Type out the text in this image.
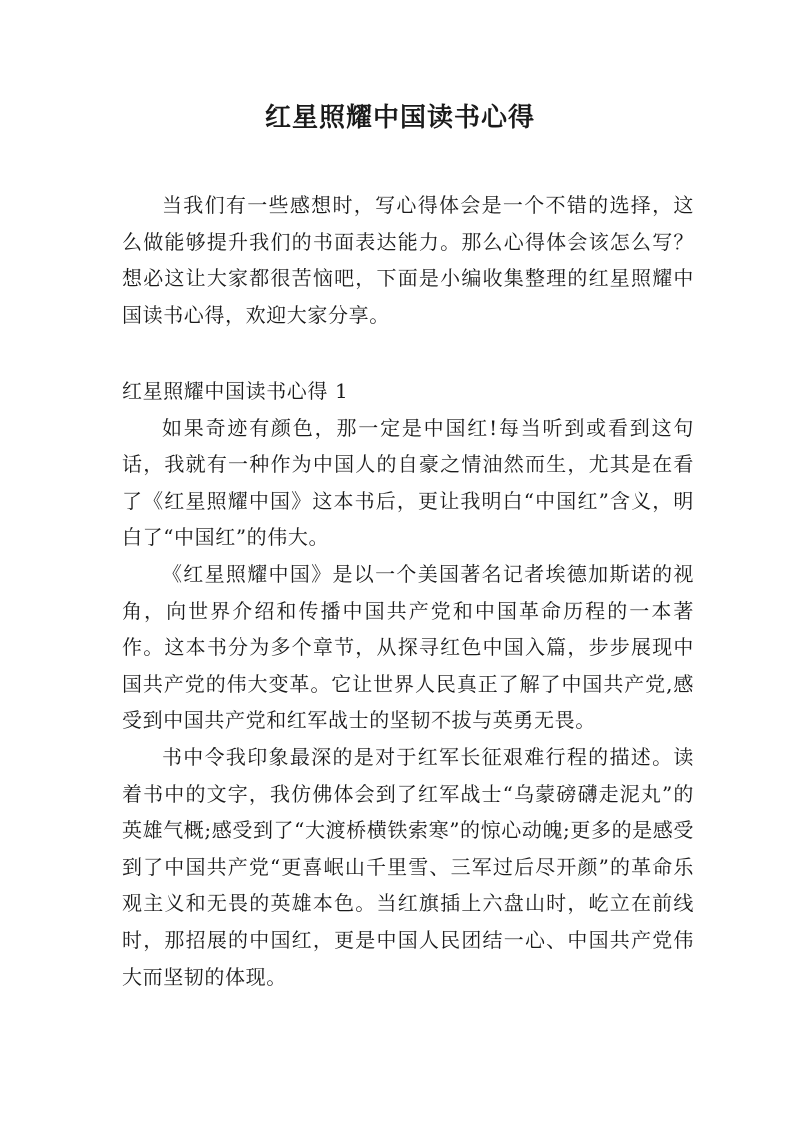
红星照耀中国读书心得

当我们有一些感想时，写心得体会是一个不错的选择，这么做能够提升我们的书面表达能力。那么心得体会该怎么写？想必这让大家都很苦恼吧，下面是小编收集整理的红星照耀中国读书心得，欢迎大家分享。

红星照耀中国读书心得 1

如果奇迹有颜色，那一定是中国红!每当听到或看到这句话，我就有一种作为中国人的自豪之情油然而生，尤其是在看了《红星照耀中国》这本书后，更让我明白“中国红”含义，明白了“中国红”的伟大。

《红星照耀中国》是以一个美国著名记者埃德加斯诺的视角，向世界介绍和传播中国共产党和中国革命历程的一本著作。这本书分为多个章节，从探寻红色中国入篇，步步展现中国共产党的伟大变革。它让世界人民真正了解了中国共产党,感受到中国共产党和红军战士的坚韧不拔与英勇无畏。

书中令我印象最深的是对于红军长征艰难行程的描述。读着书中的文字，我仿佛体会到了红军战士“乌蒙磅礴走泥丸”的英雄气概;感受到了“大渡桥横铁索寒”的惊心动魄;更多的是感受到了中国共产党“更喜岷山千里雪、三军过后尽开颜”的革命乐观主义和无畏的英雄本色。当红旗插上六盘山时，屹立在前线时，那招展的中国红，更是中国人民团结一心、中国共产党伟大而坚韧的体现。
